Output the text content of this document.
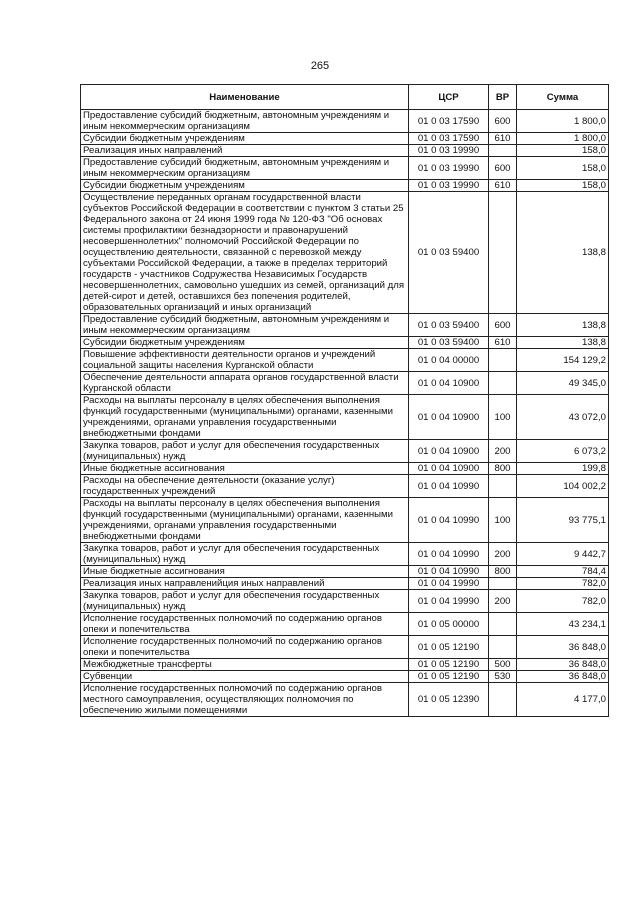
265
Наименование	ЦСР	ВР	Сумма
Предоставление субсидий бюджетным, автономным учреждениям и иным некоммерческим организациям	01 0 03 17590	600	1 800,0
Субсидии бюджетным учреждениям	01 0 03 17590	610	1 800,0
Реализация иных направлений	01 0 03 19990		158,0
Предоставление субсидий бюджетным, автономным учреждениям и иным некоммерческим организациям	01 0 03 19990	600	158,0
Субсидии бюджетным учреждениям	01 0 03 19990	610	158,0
Осуществление переданных органам государственной власти субъектов Российской Федерации в соответствии с пунктом 3 статьи 25 Федерального закона от 24 июня 1999 года № 120-ФЗ "Об основах системы профилактики безнадзорности и правонарушений несовершеннолетних" полномочий Российской Федерации по осуществлению деятельности, связанной с перевозкой между субъектами Российской Федерации, а также в пределах территорий государств - участников Содружества Независимых Государств несовершеннолетних, самовольно ушедших из семей, организаций для детей-сирот и детей, оставшихся без попечения родителей, образовательных организаций и иных организаций	01 0 03 59400		138,8
Предоставление субсидий бюджетным, автономным учреждениям и иным некоммерческим организациям	01 0 03 59400	600	138,8
Субсидии бюджетным учреждениям	01 0 03 59400	610	138,8
Повышение эффективности деятельности органов и учреждений социальной защиты населения Курганской области	01 0 04 00000		154 129,2
Обеспечение деятельности аппарата органов государственной власти Курганской области	01 0 04 10900		49 345,0
Расходы на выплаты персоналу в целях обеспечения выполнения функций государственными (муниципальными) органами, казенными учреждениями, органами управления государственными внебюджетными фондами	01 0 04 10900	100	43 072,0
Закупка товаров, работ и услуг для обеспечения государственных (муниципальных) нужд	01 0 04 10900	200	6 073,2
Иные бюджетные ассигнования	01 0 04 10900	800	199,8
Расходы на обеспечение деятельности (оказание услуг) государственных учреждений	01 0 04 10990		104 002,2
Расходы на выплаты персоналу в целях обеспечения выполнения функций государственными (муниципальными) органами, казенными учреждениями, органами управления государственными внебюджетными фондами	01 0 04 10990	100	93 775,1
Закупка товаров, работ и услуг для обеспечения государственных (муниципальных) нужд	01 0 04 10990	200	9 442,7
Иные бюджетные ассигнования	01 0 04 10990	800	784,4
Реализация иных направленийция иных направлений	01 0 04 19990		782,0
Закупка товаров, работ и услуг для обеспечения государственных (муниципальных) нужд	01 0 04 19990	200	782,0
Исполнение государственных полномочий по содержанию органов опеки и попечительства	01 0 05 00000		43 234,1
Исполнение государственных полномочий по содержанию органов опеки и попечительства	01 0 05 12190		36 848,0
Межбюджетные трансферты	01 0 05 12190	500	36 848,0
Субвенции	01 0 05 12190	530	36 848,0
Исполнение государственных полномочий по содержанию органов местного самоуправления, осуществляющих полномочия по обеспечению жилыми помещениями	01 0 05 12390		4 177,0
